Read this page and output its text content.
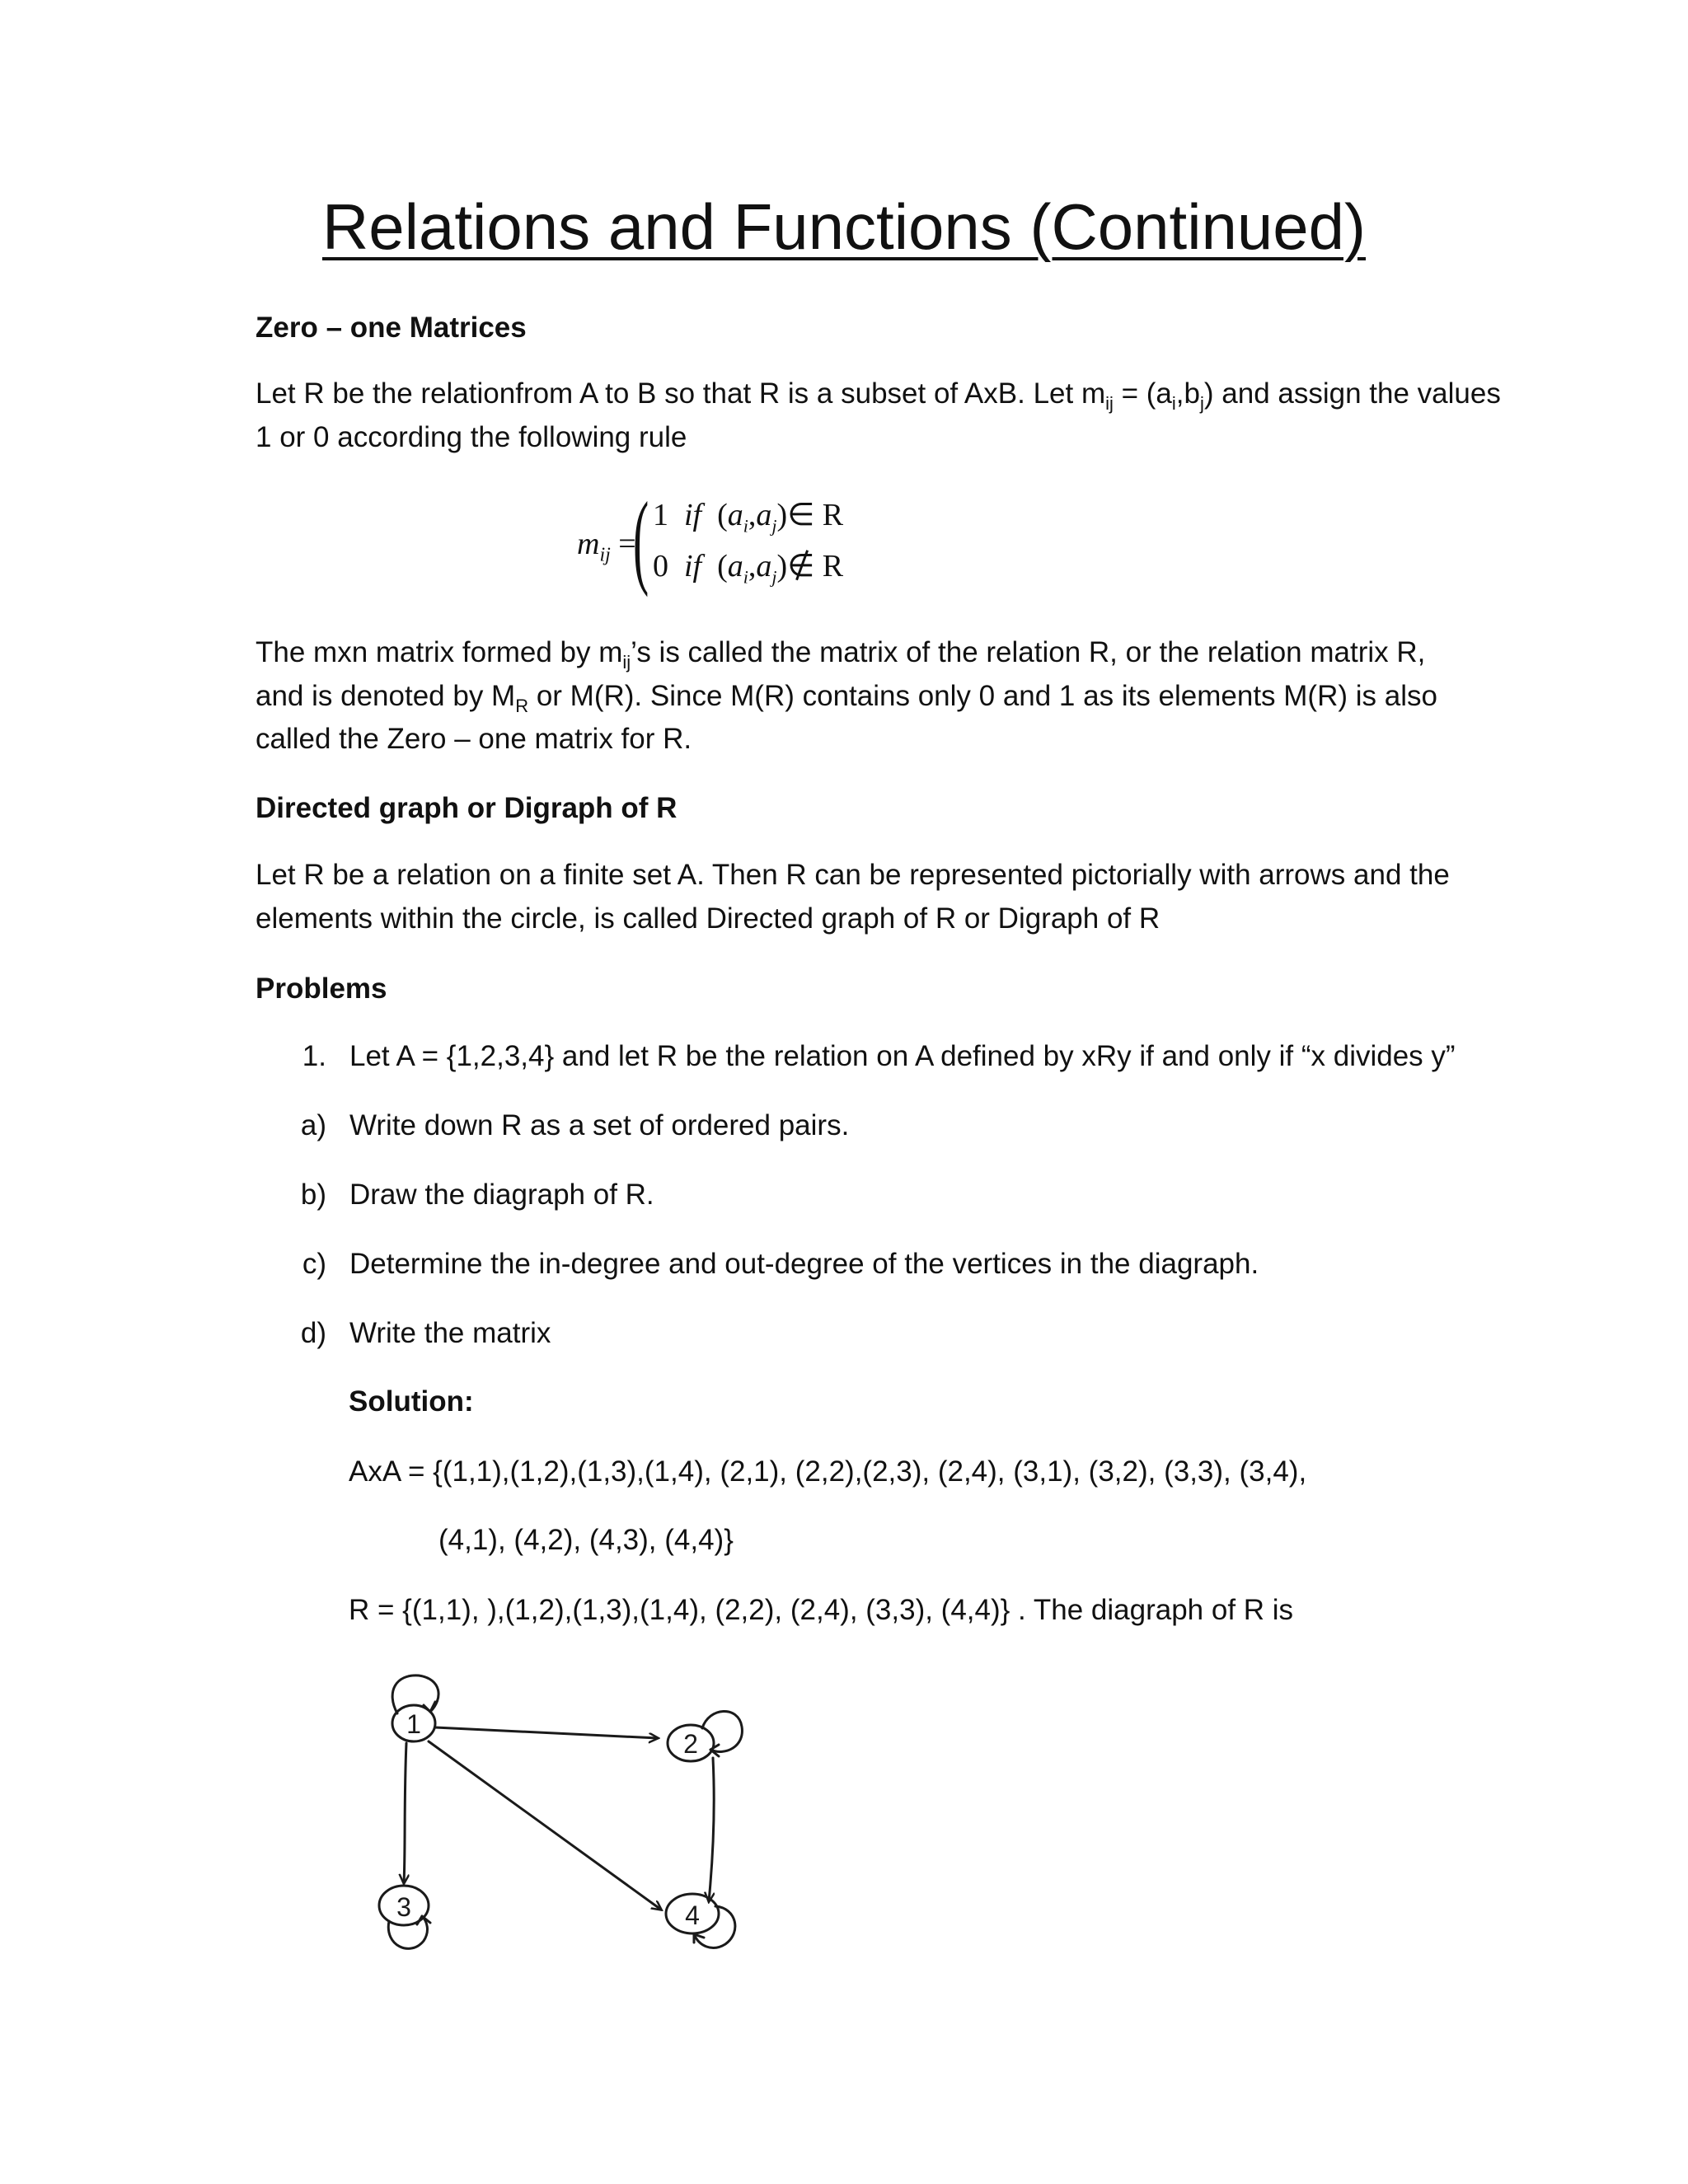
Relations and Functions (Continued)
Zero – one Matrices
Let R be the relationfrom A to B so that R is a subset of AxB. Let $m_{ij} = (a_i,b_j)$ and assign the values
1 or 0 according the following rule
$m_{ij}$ =
( 1 if  $(a_i,a_j)\in$ R
0 if  $(a_i,a_j)\notin$ R
The mxn matrix formed by $m_{ij}’s$ is called the matrix of the relation R, or the relation matrix R,
and is denoted by $M_R$ or M(R). Since M(R) contains only 0 and 1 as its elements M(R) is also
called the Zero – one matrix for R.
Directed graph or Digraph of R
Let R be a relation on a finite set A. Then R can be represented pictorially with arrows and the
elements within the circle, is called Directed graph of R or Digraph of R
Problems
1. Let A = {1,2,3,4} and let R be the relation on A defined by xRy if and only if “x divides y”
a) Write down R as a set of ordered pairs.
b) Draw the diagraph of R.
c) Determine the in-degree and out-degree of the vertices in the diagraph.
d) Write the matrix
Solution:
AxA = {(1,1),(1,2),(1,3),(1,4), (2,1), (2,2),(2,3), (2,4), (3,1), (3,2), (3,3), (3,4),
(4,1), (4,2), (4,3), (4,4)}
R = {(1,1), ),(1,2),(1,3),(1,4), (2,2), (2,4), (3,3), (4,4)} . The diagraph of R is
1
2
3	4
